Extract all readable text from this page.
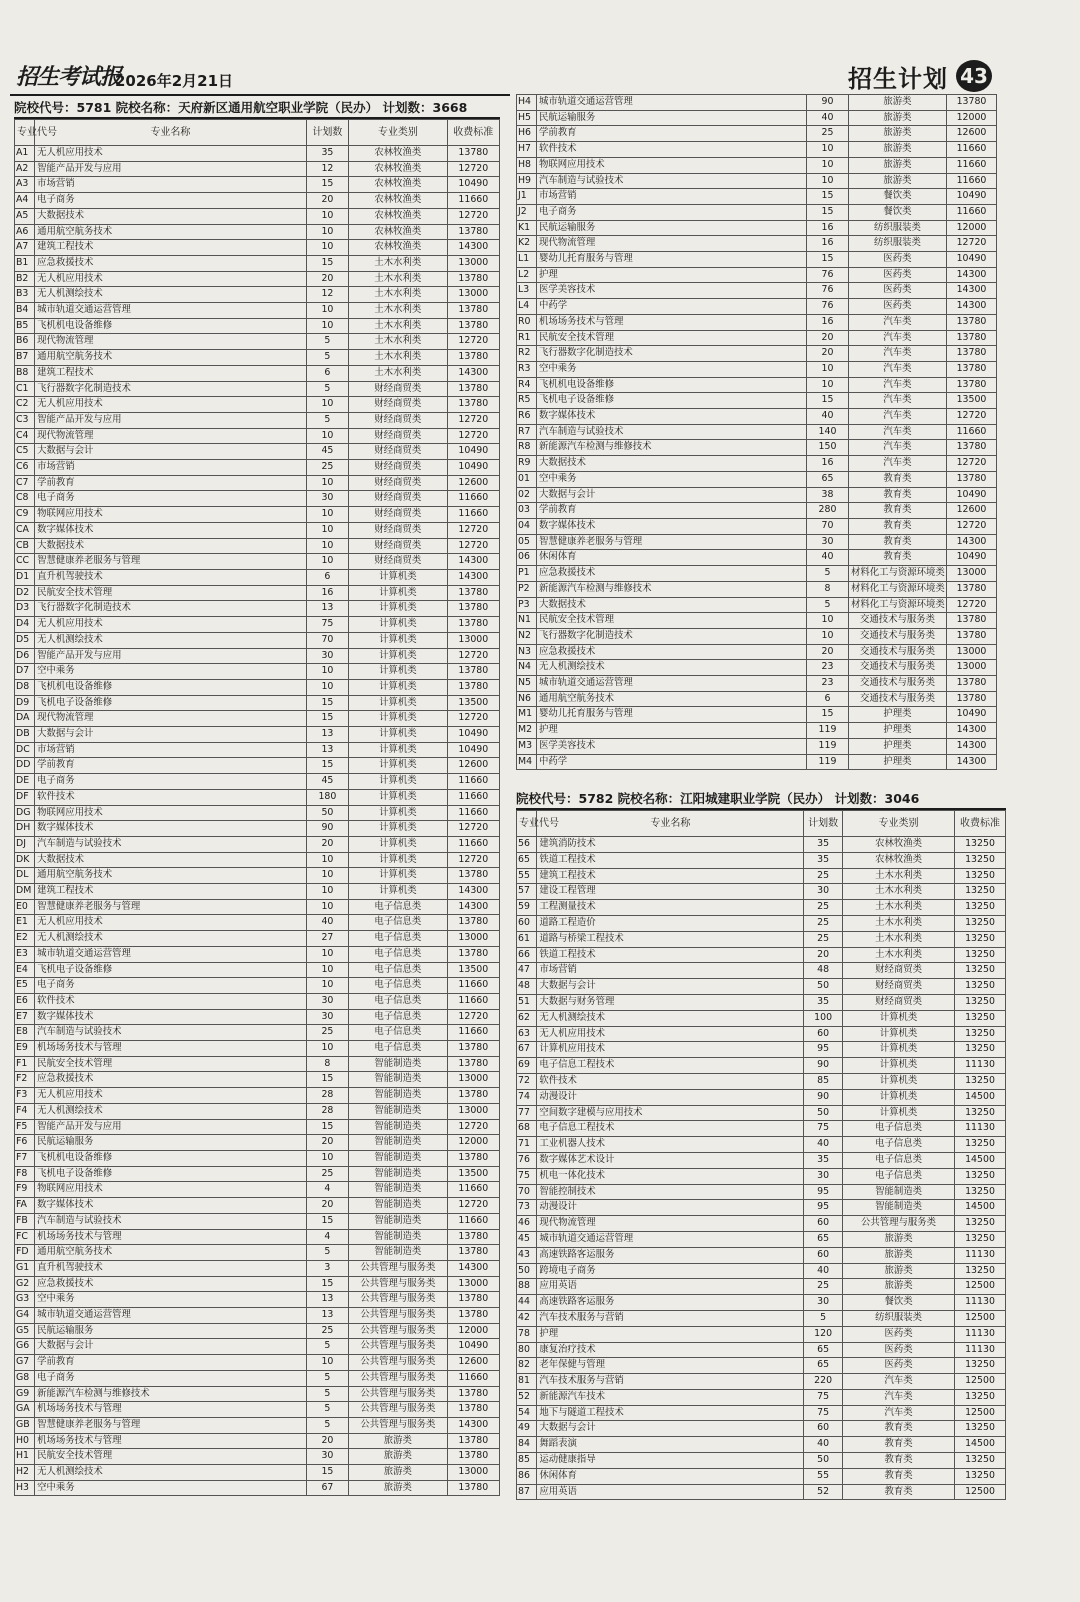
招生考试报
2026年2月21日	招生计划 43
院校代号：5781 院校名称：天府新区通用航空职业学院（民办） 计划数：3668
专业代号	专业名称	计划数	专业类别	收费标准
A1	无人机应用技术	35	农林牧渔类	13780
A2	智能产品开发与应用	12	农林牧渔类	12720
A3	市场营销	15	农林牧渔类	10490
A4	电子商务	20	农林牧渔类	11660
A5	大数据技术	10	农林牧渔类	12720
A6	通用航空航务技术	10	农林牧渔类	13780
A7	建筑工程技术	10	农林牧渔类	14300
B1	应急救援技术	15	土木水利类	13000
B2	无人机应用技术	20	土木水利类	13780
B3	无人机测绘技术	12	土木水利类	13000
B4	城市轨道交通运营管理	10	土木水利类	13780
B5	飞机机电设备维修	10	土木水利类	13780
B6	现代物流管理	5	土木水利类	12720
B7	通用航空航务技术	5	土木水利类	13780
B8	建筑工程技术	6	土木水利类	14300
C1	飞行器数字化制造技术	5	财经商贸类	13780
C2	无人机应用技术	10	财经商贸类	13780
C3	智能产品开发与应用	5	财经商贸类	12720
C4	现代物流管理	10	财经商贸类	12720
C5	大数据与会计	45	财经商贸类	10490
C6	市场营销	25	财经商贸类	10490
C7	学前教育	10	财经商贸类	12600
C8	电子商务	30	财经商贸类	11660
C9	物联网应用技术	10	财经商贸类	11660
CA	数字媒体技术	10	财经商贸类	12720
CB	大数据技术	10	财经商贸类	12720
CC	智慧健康养老服务与管理	10	财经商贸类	14300
D1	直升机驾驶技术	6	计算机类	14300
D2	民航安全技术管理	16	计算机类	13780
D3	飞行器数字化制造技术	13	计算机类	13780
D4	无人机应用技术	75	计算机类	13780
D5	无人机测绘技术	70	计算机类	13000
D6	智能产品开发与应用	30	计算机类	12720
D7	空中乘务	10	计算机类	13780
D8	飞机机电设备维修	10	计算机类	13780
D9	飞机电子设备维修	15	计算机类	13500
DA	现代物流管理	15	计算机类	12720
DB	大数据与会计	13	计算机类	10490
DC	市场营销	13	计算机类	10490
DD	学前教育	15	计算机类	12600
DE	电子商务	45	计算机类	11660
DF	软件技术	180	计算机类	11660
DG	物联网应用技术	50	计算机类	11660
DH	数字媒体技术	90	计算机类	12720
DJ	汽车制造与试验技术	20	计算机类	11660
DK	大数据技术	10	计算机类	12720
DL	通用航空航务技术	10	计算机类	13780
DM	建筑工程技术	10	计算机类	14300
E0	智慧健康养老服务与管理	10	电子信息类	14300
E1	无人机应用技术	40	电子信息类	13780
E2	无人机测绘技术	27	电子信息类	13000
E3	城市轨道交通运营管理	10	电子信息类	13780
E4	飞机电子设备维修	10	电子信息类	13500
E5	电子商务	10	电子信息类	11660
E6	软件技术	30	电子信息类	11660
E7	数字媒体技术	30	电子信息类	12720
E8	汽车制造与试验技术	25	电子信息类	11660
E9	机场场务技术与管理	10	电子信息类	13780
F1	民航安全技术管理	8	智能制造类	13780
F2	应急救援技术	15	智能制造类	13000
F3	无人机应用技术	28	智能制造类	13780
F4	无人机测绘技术	28	智能制造类	13000
F5	智能产品开发与应用	15	智能制造类	12720
F6	民航运输服务	20	智能制造类	12000
F7	飞机机电设备维修	10	智能制造类	13780
F8	飞机电子设备维修	25	智能制造类	13500
F9	物联网应用技术	4	智能制造类	11660
FA	数字媒体技术	20	智能制造类	12720
FB	汽车制造与试验技术	15	智能制造类	11660
FC	机场场务技术与管理	4	智能制造类	13780
FD	通用航空航务技术	5	智能制造类	13780
G1	直升机驾驶技术	3	公共管理与服务类	14300
G2	应急救援技术	15	公共管理与服务类	13000
G3	空中乘务	13	公共管理与服务类	13780
G4	城市轨道交通运营管理	13	公共管理与服务类	13780
G5	民航运输服务	25	公共管理与服务类	12000
G6	大数据与会计	5	公共管理与服务类	10490
G7	学前教育	10	公共管理与服务类	12600
G8	电子商务	5	公共管理与服务类	11660
G9	新能源汽车检测与维修技术	5	公共管理与服务类	13780
GA	机场场务技术与管理	5	公共管理与服务类	13780
GB	智慧健康养老服务与管理	5	公共管理与服务类	14300
H0	机场场务技术与管理	20	旅游类	13780
H1	民航安全技术管理	30	旅游类	13780
H2	无人机测绘技术	15	旅游类	13000
H3	空中乘务	67	旅游类	13780
H4	城市轨道交通运营管理	90	旅游类	13780
H5	民航运输服务	40	旅游类	12000
H6	学前教育	25	旅游类	12600
H7	软件技术	10	旅游类	11660
H8	物联网应用技术	10	旅游类	11660
H9	汽车制造与试验技术	10	旅游类	11660
J1	市场营销	15	餐饮类	10490
J2	电子商务	15	餐饮类	11660
K1	民航运输服务	16	纺织服装类	12000
K2	现代物流管理	16	纺织服装类	12720
L1	婴幼儿托育服务与管理	15	医药类	10490
L2	护理	76	医药类	14300
L3	医学美容技术	76	医药类	14300
L4	中药学	76	医药类	14300
R0	机场场务技术与管理	16	汽车类	13780
R1	民航安全技术管理	20	汽车类	13780
R2	飞行器数字化制造技术	20	汽车类	13780
R3	空中乘务	10	汽车类	13780
R4	飞机机电设备维修	10	汽车类	13780
R5	飞机电子设备维修	15	汽车类	13500
R6	数字媒体技术	40	汽车类	12720
R7	汽车制造与试验技术	140	汽车类	11660
R8	新能源汽车检测与维修技术	150	汽车类	13780
R9	大数据技术	16	汽车类	12720
01	空中乘务	65	教育类	13780
02	大数据与会计	38	教育类	10490
03	学前教育	280	教育类	12600
04	数字媒体技术	70	教育类	12720
05	智慧健康养老服务与管理	30	教育类	14300
06	休闲体育	40	教育类	10490
P1	应急救援技术	5	材料化工与资源环境类	13000
P2	新能源汽车检测与维修技术	8	材料化工与资源环境类	13780
P3	大数据技术	5	材料化工与资源环境类	12720
N1	民航安全技术管理	10	交通技术与服务类	13780
N2	飞行器数字化制造技术	10	交通技术与服务类	13780
N3	应急救援技术	20	交通技术与服务类	13000
N4	无人机测绘技术	23	交通技术与服务类	13000
N5	城市轨道交通运营管理	23	交通技术与服务类	13780
N6	通用航空航务技术	6	交通技术与服务类	13780
M1	婴幼儿托育服务与管理	15	护理类	10490
M2	护理	119	护理类	14300
M3	医学美容技术	119	护理类	14300
M4	中药学	119	护理类	14300
院校代号：5782 院校名称：江阳城建职业学院（民办） 计划数：3046
专业代号	专业名称	计划数	专业类别	收费标准
56	建筑消防技术	35	农林牧渔类	13250
65	铁道工程技术	35	农林牧渔类	13250
55	建筑工程技术	25	土木水利类	13250
57	建设工程管理	30	土木水利类	13250
59	工程测量技术	25	土木水利类	13250
60	道路工程造价	25	土木水利类	13250
61	道路与桥梁工程技术	25	土木水利类	13250
66	铁道工程技术	20	土木水利类	13250
47	市场营销	48	财经商贸类	13250
48	大数据与会计	50	财经商贸类	13250
51	大数据与财务管理	35	财经商贸类	13250
62	无人机测绘技术	100	计算机类	13250
63	无人机应用技术	60	计算机类	13250
67	计算机应用技术	95	计算机类	13250
69	电子信息工程技术	90	计算机类	11130
72	软件技术	85	计算机类	13250
74	动漫设计	90	计算机类	14500
77	空间数字建模与应用技术	50	计算机类	13250
68	电子信息工程技术	75	电子信息类	11130
71	工业机器人技术	40	电子信息类	13250
76	数字媒体艺术设计	35	电子信息类	14500
75	机电一体化技术	30	电子信息类	13250
70	智能控制技术	95	智能制造类	13250
73	动漫设计	95	智能制造类	14500
46	现代物流管理	60	公共管理与服务类	13250
45	城市轨道交通运营管理	65	旅游类	13250
43	高速铁路客运服务	60	旅游类	11130
50	跨境电子商务	40	旅游类	13250
88	应用英语	25	旅游类	12500
44	高速铁路客运服务	30	餐饮类	11130
42	汽车技术服务与营销	5	纺织服装类	12500
78	护理	120	医药类	11130
80	康复治疗技术	65	医药类	11130
82	老年保健与管理	65	医药类	13250
81	汽车技术服务与营销	220	汽车类	12500
52	新能源汽车技术	75	汽车类	13250
54	地下与隧道工程技术	75	汽车类	12500
49	大数据与会计	60	教育类	13250
84	舞蹈表演	40	教育类	14500
85	运动健康指导	50	教育类	13250
86	休闲体育	55	教育类	13250
87	应用英语	52	教育类	12500
